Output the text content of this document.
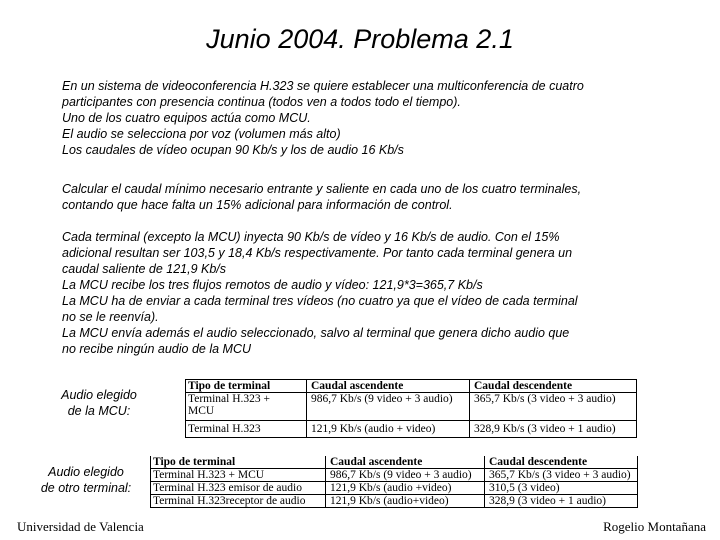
Junio 2004. Problema 2.1
En un sistema de videoconferencia H.323 se quiere establecer una multiconferencia de cuatro
participantes con presencia continua (todos ven a todos todo el tiempo).
Uno de los cuatro equipos actúa como MCU.
El audio se selecciona por voz (volumen más alto)
Los caudales de vídeo ocupan 90 Kb/s y los de audio 16 Kb/s
Calcular el caudal mínimo necesario entrante y saliente en cada uno de los cuatro terminales,
contando que hace falta un 15% adicional para información de control.
Cada terminal (excepto la MCU) inyecta 90 Kb/s de vídeo y 16 Kb/s de audio. Con el 15%
adicional resultan ser 103,5 y 18,4 Kb/s respectivamente. Por tanto cada terminal genera un
caudal saliente de 121,9 Kb/s
La MCU recibe los tres flujos remotos de audio y vídeo: 121,9*3=365,7 Kb/s
La MCU ha de enviar a cada terminal tres vídeos (no cuatro ya que el vídeo de cada terminal
no se le reenvía).
La MCU envía además el audio seleccionado, salvo al terminal que genera dicho audio que
no recibe ningún audio de la MCU
Audio elegido
de la MCU:
Tipo de terminal	Caudal ascendente	Caudal descendente

Terminal H.323 +
MCU	986,7 Kb/s (9 video + 3 audio)	365,7 Kb/s (3 video + 3 audio)
Terminal H.323	121,9 Kb/s (audio + video)	328,9 Kb/s (3 video + 1 audio)
Audio elegido
de otro terminal:
Tipo de terminal	Caudal ascendente	Caudal descendente
Terminal H.323 + MCU	986,7 Kb/s (9 video + 3 audio)	365,7 Kb/s (3 video + 3 audio)
Terminal H.323 emisor de audio	121,9 Kb/s (audio +video)	310,5 (3 video)
Terminal H.323receptor de audio	121,9 Kb/s (audio+video)	328,9 (3 video + 1 audio)
Universidad de Valencia	Rogelio Montañana
